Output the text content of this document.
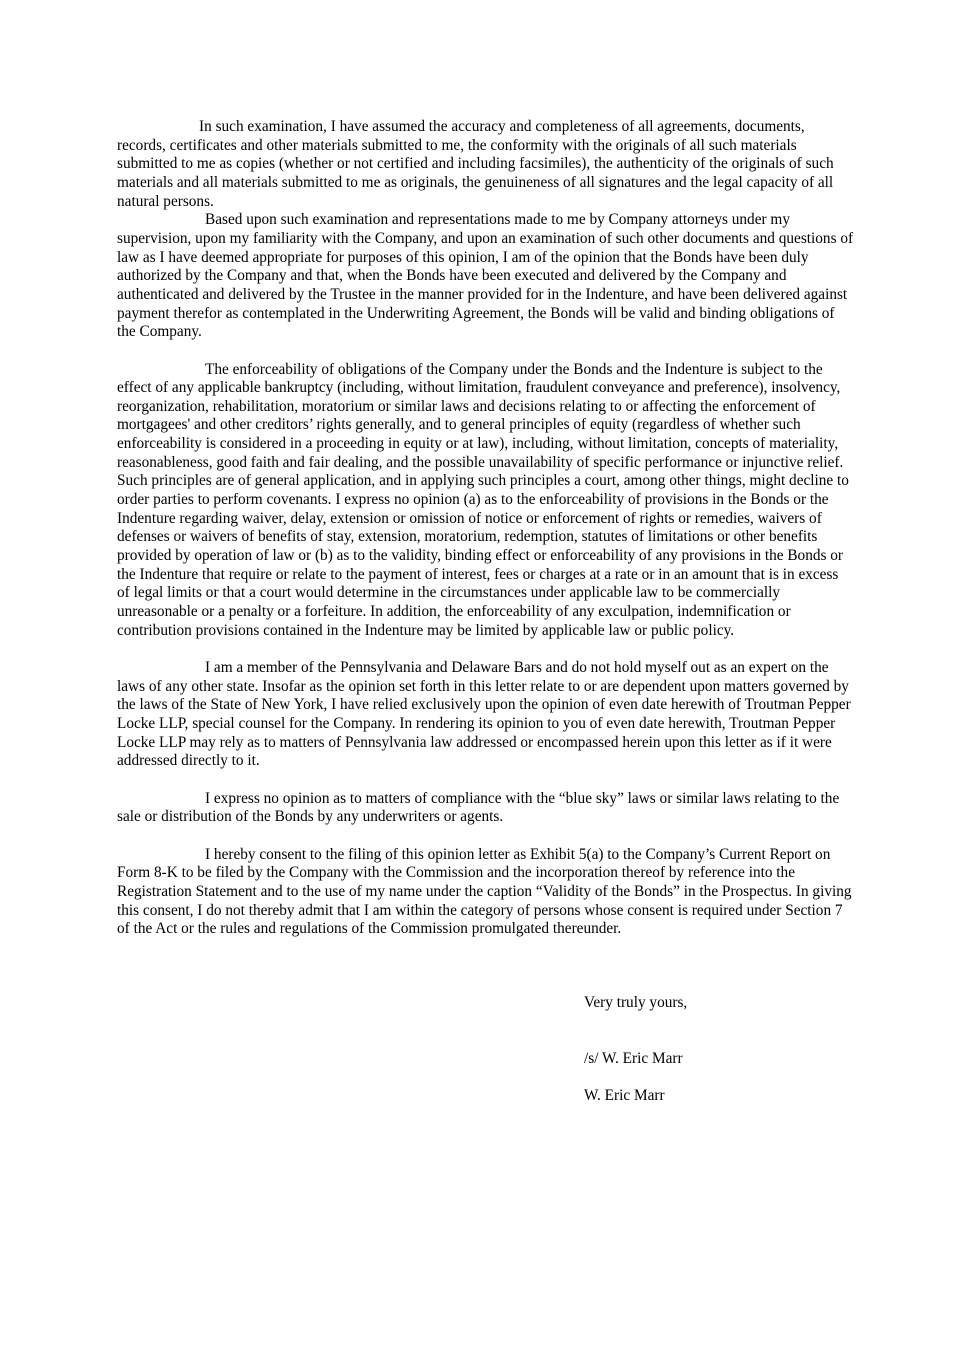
In such examination, I have assumed the accuracy and completeness of all agreements, documents, records, certificates and other materials submitted to me, the conformity with the originals of all such materials submitted to me as copies (whether or not certified and including facsimiles), the authenticity of the originals of such materials and all materials submitted to me as originals, the genuineness of all signatures and the legal capacity of all natural persons.

Based upon such examination and representations made to me by Company attorneys under my supervision, upon my familiarity with the Company, and upon an examination of such other documents and questions of law as I have deemed appropriate for purposes of this opinion, I am of the opinion that the Bonds have been duly authorized by the Company and that, when the Bonds have been executed and delivered by the Company and authenticated and delivered by the Trustee in the manner provided for in the Indenture, and have been delivered against payment therefor as contemplated in the Underwriting Agreement, the Bonds will be valid and binding obligations of the Company.

The enforceability of obligations of the Company under the Bonds and the Indenture is subject to the effect of any applicable bankruptcy (including, without limitation, fraudulent conveyance and preference), insolvency, reorganization, rehabilitation, moratorium or similar laws and decisions relating to or affecting the enforcement of mortgagees' and other creditors’ rights generally, and to general principles of equity (regardless of whether such enforceability is considered in a proceeding in equity or at law), including, without limitation, concepts of materiality, reasonableness, good faith and fair dealing, and the possible unavailability of specific performance or injunctive relief. Such principles are of general application, and in applying such principles a court, among other things, might decline to order parties to perform covenants. I express no opinion (a) as to the enforceability of provisions in the Bonds or the Indenture regarding waiver, delay, extension or omission of notice or enforcement of rights or remedies, waivers of defenses or waivers of benefits of stay, extension, moratorium, redemption, statutes of limitations or other benefits provided by operation of law or (b) as to the validity, binding effect or enforceability of any provisions in the Bonds or the Indenture that require or relate to the payment of interest, fees or charges at a rate or in an amount that is in excess of legal limits or that a court would determine in the circumstances under applicable law to be commercially unreasonable or a penalty or a forfeiture. In addition, the enforceability of any exculpation, indemnification or contribution provisions contained in the Indenture may be limited by applicable law or public policy.

I am a member of the Pennsylvania and Delaware Bars and do not hold myself out as an expert on the laws of any other state. Insofar as the opinion set forth in this letter relate to or are dependent upon matters governed by the laws of the State of New York, I have relied exclusively upon the opinion of even date herewith of Troutman Pepper Locke LLP, special counsel for the Company. In rendering its opinion to you of even date herewith, Troutman Pepper Locke LLP may rely as to matters of Pennsylvania law addressed or encompassed herein upon this letter as if it were addressed directly to it.

I express no opinion as to matters of compliance with the “blue sky” laws or similar laws relating to the sale or distribution of the Bonds by any underwriters or agents.

I hereby consent to the filing of this opinion letter as Exhibit 5(a) to the Company’s Current Report on Form 8-K to be filed by the Company with the Commission and the incorporation thereof by reference into the Registration Statement and to the use of my name under the caption “Validity of the Bonds” in the Prospectus. In giving this consent, I do not thereby admit that I am within the category of persons whose consent is required under Section 7 of the Act or the rules and regulations of the Commission promulgated thereunder.

Very truly yours,
/s/ W. Eric Marr
W. Eric Marr
